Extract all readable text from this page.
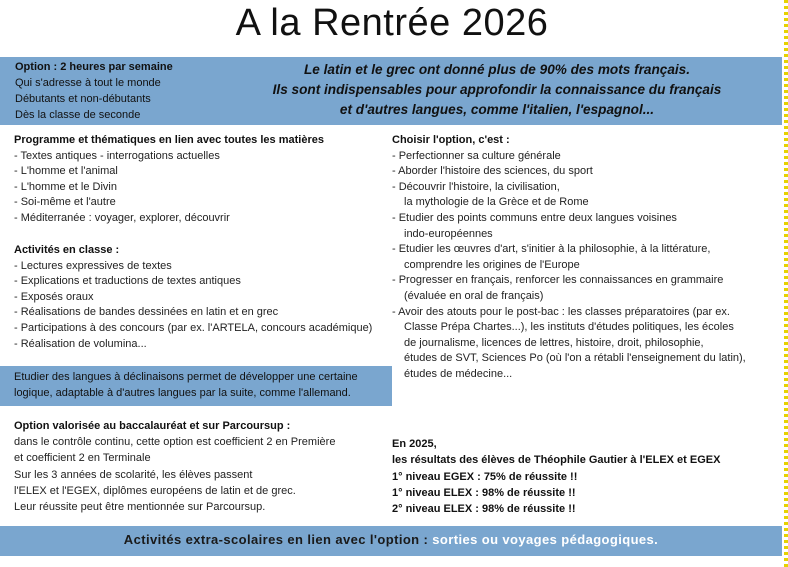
A la Rentrée 2026
Option : 2 heures par semaine
Qui s'adresse à tout le monde
Débutants et non-débutants
Dès la classe de seconde
Le latin et le grec ont donné plus de 90% des mots français.
Ils sont indispensables pour approfondir la connaissance du français
et d'autres langues, comme l'italien, l'espagnol...
Programme et thématiques en lien avec toutes les matières
- Textes antiques - interrogations actuelles
- L'homme et l'animal
- L'homme et le Divin
- Soi-même et l'autre
- Méditerranée : voyager, explorer, découvrir
Activités en classe :
- Lectures expressives de textes
- Explications et traductions de textes antiques
- Exposés oraux
- Réalisations de bandes dessinées en latin et en grec
- Participations à des concours (par ex. l'ARTELA, concours académique)
- Réalisation de volumina...
Choisir l'option, c'est :
- Perfectionner sa culture générale
- Aborder l'histoire des sciences, du sport
- Découvrir l'histoire, la civilisation,
la mythologie de la Grèce et de Rome
- Etudier des points communs entre deux langues voisines
indo-européennes
- Etudier les œuvres d'art, s'initier à la philosophie, à la littérature,
comprendre les origines de l'Europe
- Progresser en français, renforcer les connaissances en grammaire
(évaluée en oral de français)
- Avoir des atouts pour le post-bac : les classes préparatoires (par ex.
Classe Prépa Chartes...), les instituts d'études politiques, les écoles
de journalisme, licences de lettres, histoire, droit, philosophie,
études de SVT, Sciences Po (où l'on a rétabli l'enseignement du latin),
études de médecine...
Etudier des langues à déclinaisons permet de développer une certaine
logique, adaptable à d'autres langues par la suite, comme l'allemand.
Option valorisée au baccalauréat et sur Parcoursup :
dans le contrôle continu, cette option est coefficient 2 en Première
et coefficient 2 en Terminale
Sur les 3 années de scolarité, les élèves passent
l'ELEX et l'EGEX, diplômes européens de latin et de grec.
Leur réussite peut être mentionnée sur Parcoursup.
En 2025,
les résultats des élèves de Théophile Gautier à l'ELEX et EGEX
1° niveau EGEX : 75% de réussite !!
1° niveau ELEX : 98% de réussite !!
2° niveau ELEX : 98% de réussite !!
Activités extra-scolaires en lien avec l'option : sorties ou voyages pédagogiques.
